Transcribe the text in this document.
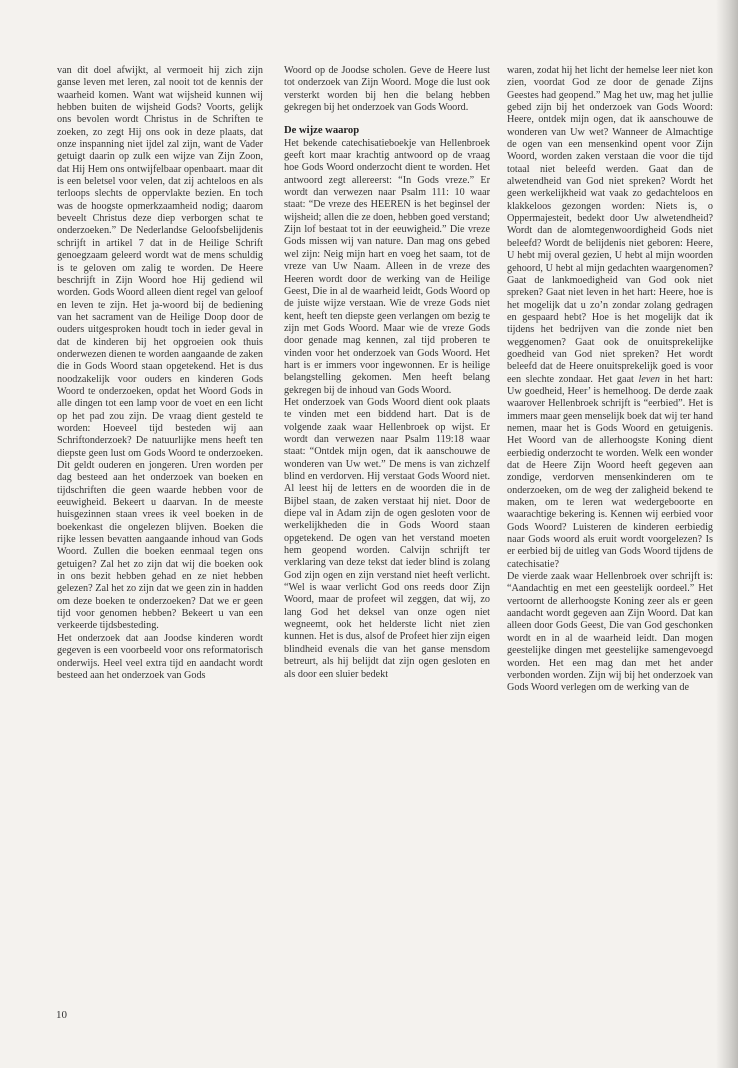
van dit doel afwijkt, al vermoeit hij zich zijn ganse leven met leren, zal nooit tot de kennis der waarheid komen. Want wat wijsheid kunnen wij hebben buiten de wijsheid Gods? Voorts, gelijk ons bevolen wordt Christus in de Schriften te zoeken, zo zegt Hij ons ook in deze plaats, dat onze inspanning niet ijdel zal zijn, want de Vader getuigt daarin op zulk een wijze van Zijn Zoon, dat Hij Hem ons ontwijfelbaar openbaart. maar dit is een beletsel voor velen, dat zij achteloos en als terloops slechts de oppervlakte bezien. En toch was de hoogste opmerkzaamheid nodig; daarom beveelt Christus deze diep verborgen schat te onderzoeken.” De Nederlandse Geloofsbelijdenis schrijft in artikel 7 dat in de Heilige Schrift genoegzaam geleerd wordt wat de mens schuldig is te geloven om zalig te worden. De Heere beschrijft in Zijn Woord hoe Hij gediend wil worden. Gods Woord alleen dient regel van geloof en leven te zijn. Het ja-woord bij de bediening van het sacrament van de Heilige Doop door de ouders uitgesproken houdt toch in ieder geval in dat de kinderen bij het opgroeien ook thuis onderwezen dienen te worden aangaande de zaken die in Gods Woord staan opgetekend. Het is dus noodzakelijk voor ouders en kinderen Gods Woord te onderzoeken, opdat het Woord Gods in alle dingen tot een lamp voor de voet en een licht op het pad zou zijn. De vraag dient gesteld te worden: Hoeveel tijd besteden wij aan Schriftonderzoek? De natuurlijke mens heeft ten diepste geen lust om Gods Woord te onderzoeken. Dit geldt ouderen en jongeren. Uren worden per dag besteed aan het onderzoek van boeken en tijdschriften die geen waarde hebben voor de eeuwigheid. Bekeert u daarvan. In de meeste huisgezinnen staan vrees ik veel boeken in de boekenkast die ongelezen blijven. Boeken die rijke lessen bevatten aangaande inhoud van Gods Woord. Zullen die boeken eenmaal tegen ons getuigen? Zal het zo zijn dat wij die boeken ook in ons bezit hebben gehad en ze niet hebben gelezen? Zal het zo zijn dat we geen zin in hadden om deze boeken te onderzoeken? Dat we er geen tijd voor genomen hebben? Bekeert u van een verkeerde tijdsbesteding.

Het onderzoek dat aan Joodse kinderen wordt gegeven is een voorbeeld voor ons reformatorisch onderwijs. Heel veel extra tijd en aandacht wordt besteed aan het onderzoek van Gods

Woord op de Joodse scholen. Geve de Heere lust tot onderzoek van Zijn Woord. Moge die lust ook versterkt worden bij hen die belang hebben gekregen bij het onderzoek van Gods Woord.

De wijze waarop

Het bekende catechisatieboekje van Hellenbroek geeft kort maar krachtig antwoord op de vraag hoe Gods Woord onderzocht dient te worden. Het antwoord zegt allereerst: “In Gods vreze.” Er wordt dan verwezen naar Psalm 111: 10 waar staat: “De vreze des HEEREN is het beginsel der wijsheid; allen die ze doen, hebben goed verstand; Zijn lof bestaat tot in der eeuwigheid.” Die vreze Gods missen wij van nature. Dan mag ons gebed wel zijn: Neig mijn hart en voeg het saam, tot de vreze van Uw Naam. Alleen in de vreze des Heeren wordt door de werking van de Heilige Geest, Die in al de waarheid leidt, Gods Woord op de juiste wijze verstaan. Wie de vreze Gods niet kent, heeft ten diepste geen verlangen om bezig te zijn met Gods Woord. Maar wie de vreze Gods door genade mag kennen, zal tijd proberen te vinden voor het onderzoek van Gods Woord. Het hart is er immers voor ingewonnen. Er is heilige belangstelling gekomen. Men heeft belang gekregen bij de inhoud van Gods Woord.

Het onderzoek van Gods Woord dient ook plaats te vinden met een biddend hart. Dat is de volgende zaak waar Hellenbroek op wijst. Er wordt dan verwezen naar Psalm 119:18 waar staat: “Ontdek mijn ogen, dat ik aanschouwe de wonderen van Uw wet.” De mens is van zichzelf blind en verdorven. Hij verstaat Gods Woord niet. Al leest hij de letters en de woorden die in de Bijbel staan, de zaken verstaat hij niet. Door de diepe val in Adam zijn de ogen gesloten voor de werkelijkheden die in Gods Woord staan opgetekend. De ogen van het verstand moeten hem geopend worden. Calvijn schrijft ter verklaring van deze tekst dat ieder blind is zolang God zijn ogen en zijn verstand niet heeft verlicht. “Wel is waar verlicht God ons reeds door Zijn Woord, maar de profeet wil zeggen, dat wij, zo lang God het deksel van onze ogen niet wegneemt, ook het helderste licht niet zien kunnen. Het is dus, alsof de Profeet hier zijn eigen blindheid evenals die van het ganse mensdom betreurt, als hij belijdt dat zijn ogen gesloten en als door een sluier bedekt

waren, zodat hij het licht der hemelse leer niet kon zien, voordat God ze door de genade Zijns Geestes had geopend.” Mag het uw, mag het jullie gebed zijn bij het onderzoek van Gods Woord: Heere, ontdek mijn ogen, dat ik aanschouwe de wonderen van Uw wet? Wanneer de Almachtige de ogen van een mensenkind opent voor Zijn Woord, worden zaken verstaan die voor die tijd totaal niet beleefd werden. Gaat dan de alwetendheid van God niet spreken? Wordt het geen werkelijkheid wat vaak zo gedachteloos en klakkeloos gezongen worden: Niets is, o Oppermajesteit, bedekt door Uw alwetendheid? Wordt dan de alomtegenwoordigheid Gods niet beleefd? Wordt de belijdenis niet geboren: Heere, U hebt mij overal gezien, U hebt al mijn woorden gehoord, U hebt al mijn gedachten waargenomen? Gaat de lankmoedigheid van God ook niet spreken? Gaat niet leven in het hart: Heere, hoe is het mogelijk dat u zo’n zondar zolang gedragen en gespaard hebt? Hoe is het mogelijk dat ik tijdens het bedrijven van die zonde niet ben weggenomen? Gaat ook de onuitsprekelijke goedheid van God niet spreken? Het wordt beleefd dat de Heere onuitsprekelijk goed is voor een slechte zondaar. Het gaat leven in het hart: Uw goedheid, Heer’ is hemelhoog. De derde zaak waarover Hellenbroek schrijft is “eerbied”. Het is immers maar geen menselijk boek dat wij ter hand nemen, maar het is Gods Woord en getuigenis. Het Woord van de allerhoogste Koning dient eerbiedig onderzocht te worden. Welk een wonder dat de Heere Zijn Woord heeft gegeven aan zondige, verdorven mensenkinderen om te onderzoeken, om de weg der zaligheid bekend te maken, om te leren wat wedergeboorte en waarachtige bekering is. Kennen wij eerbied voor Gods Woord? Luisteren de kinderen eerbiedig naar Gods woord als eruit wordt voorgelezen? Is er eerbied bij de uitleg van Gods Woord tijdens de catechisatie?

De vierde zaak waar Hellenbroek over schrijft is: “Aandachtig en met een geestelijk oordeel.” Het vertoornt de allerhoogste Koning zeer als er geen aandacht wordt gegeven aan Zijn Woord. Dat kan alleen door Gods Geest, Die van God geschonken wordt en in al de waarheid leidt. Dan mogen geestelijke dingen met geestelijke samengevoegd worden. Het een mag dan met het ander verbonden worden. Zijn wij bij het onderzoek van Gods Woord verlegen om de werking van de

10
